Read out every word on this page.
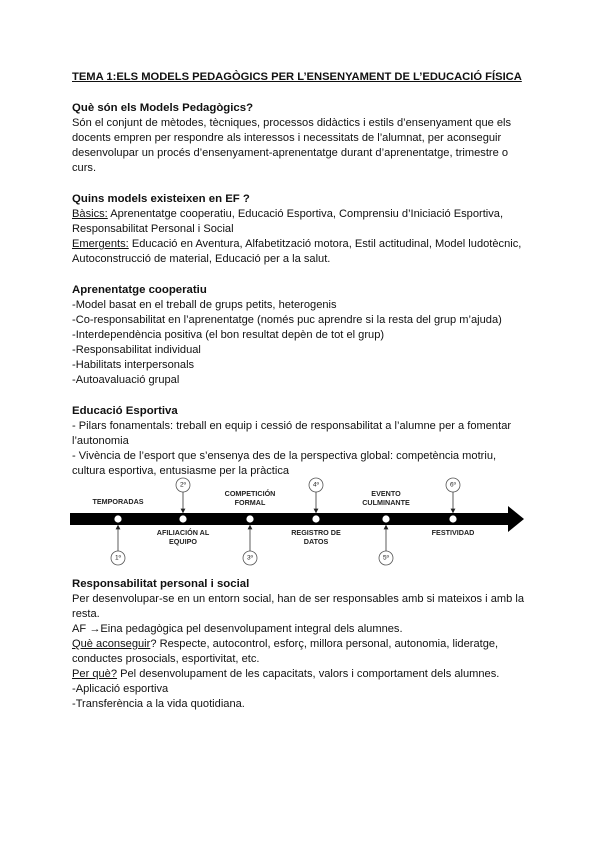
TEMA 1:ELS MODELS PEDAGÒGICS PER L’ENSENYAMENT DE L’EDUCACIÓ FÍSICA
Què són els Models Pedagògics?

Són el conjunt de mètodes, tècniques, processos didàctics i estils d’ensenyament que els

docents empren per respondre als interessos i necessitats de l’alumnat, per aconseguir

desenvolupar un procés d’ensenyament-aprenentatge durant d’aprenentatge, trimestre o

curs.

Quins models existeixen en EF ?

Bàsics: Aprenentatge cooperatiu, Educació Esportiva, Comprensiu d’Iniciació Esportiva,

Responsabilitat Personal i Social

Emergents: Educació en Aventura, Alfabetització motora, Estil actitudinal, Model ludotècnic,

Autoconstrucció de material, Educació per a la salut.

Aprenentatge cooperatiu

-Model basat en el treball de grups petits, heterogenis

-Co-responsabilitat en l’aprenentatge (només puc aprendre si la resta del grup m’ajuda)

-Interdependència positiva (el bon resultat depèn de tot el grup)

-Responsabilitat individual

-Habilitats interpersonals

-Autoavaluació grupal

Educació Esportiva

- Pilars fonamentals: treball en equip i cessió de responsabilitat a l’alumne per a fomentar

l’autonomia

- Vivència de l’esport que s’ensenya des de la perspectiva global: competència motriu,

cultura esportiva, entusiasme per la pràctica

1º
TEMPORADAS
2º
AFILIACIÓN AL
EQUIPO
3º
COMPETICIÓN
FORMAL
4º
REGISTRO DE
DATOS
5º
EVENTO
CULMINANTE
6º
FESTIVIDAD
Responsabilitat personal i social

Per desenvolupar-se en un entorn social, han de ser responsables amb si mateixos i amb la

resta.

AF →Eina pedagògica pel desenvolupament integral dels alumnes.

Què aconseguir? Respecte, autocontrol, esforç, millora personal, autonomia, lideratge,

conductes prosocials, esportivitat, etc.

Per què? Pel desenvolupament de les capacitats, valors i comportament dels alumnes.

-Aplicació esportiva

-Transferència a la vida quotidiana.
